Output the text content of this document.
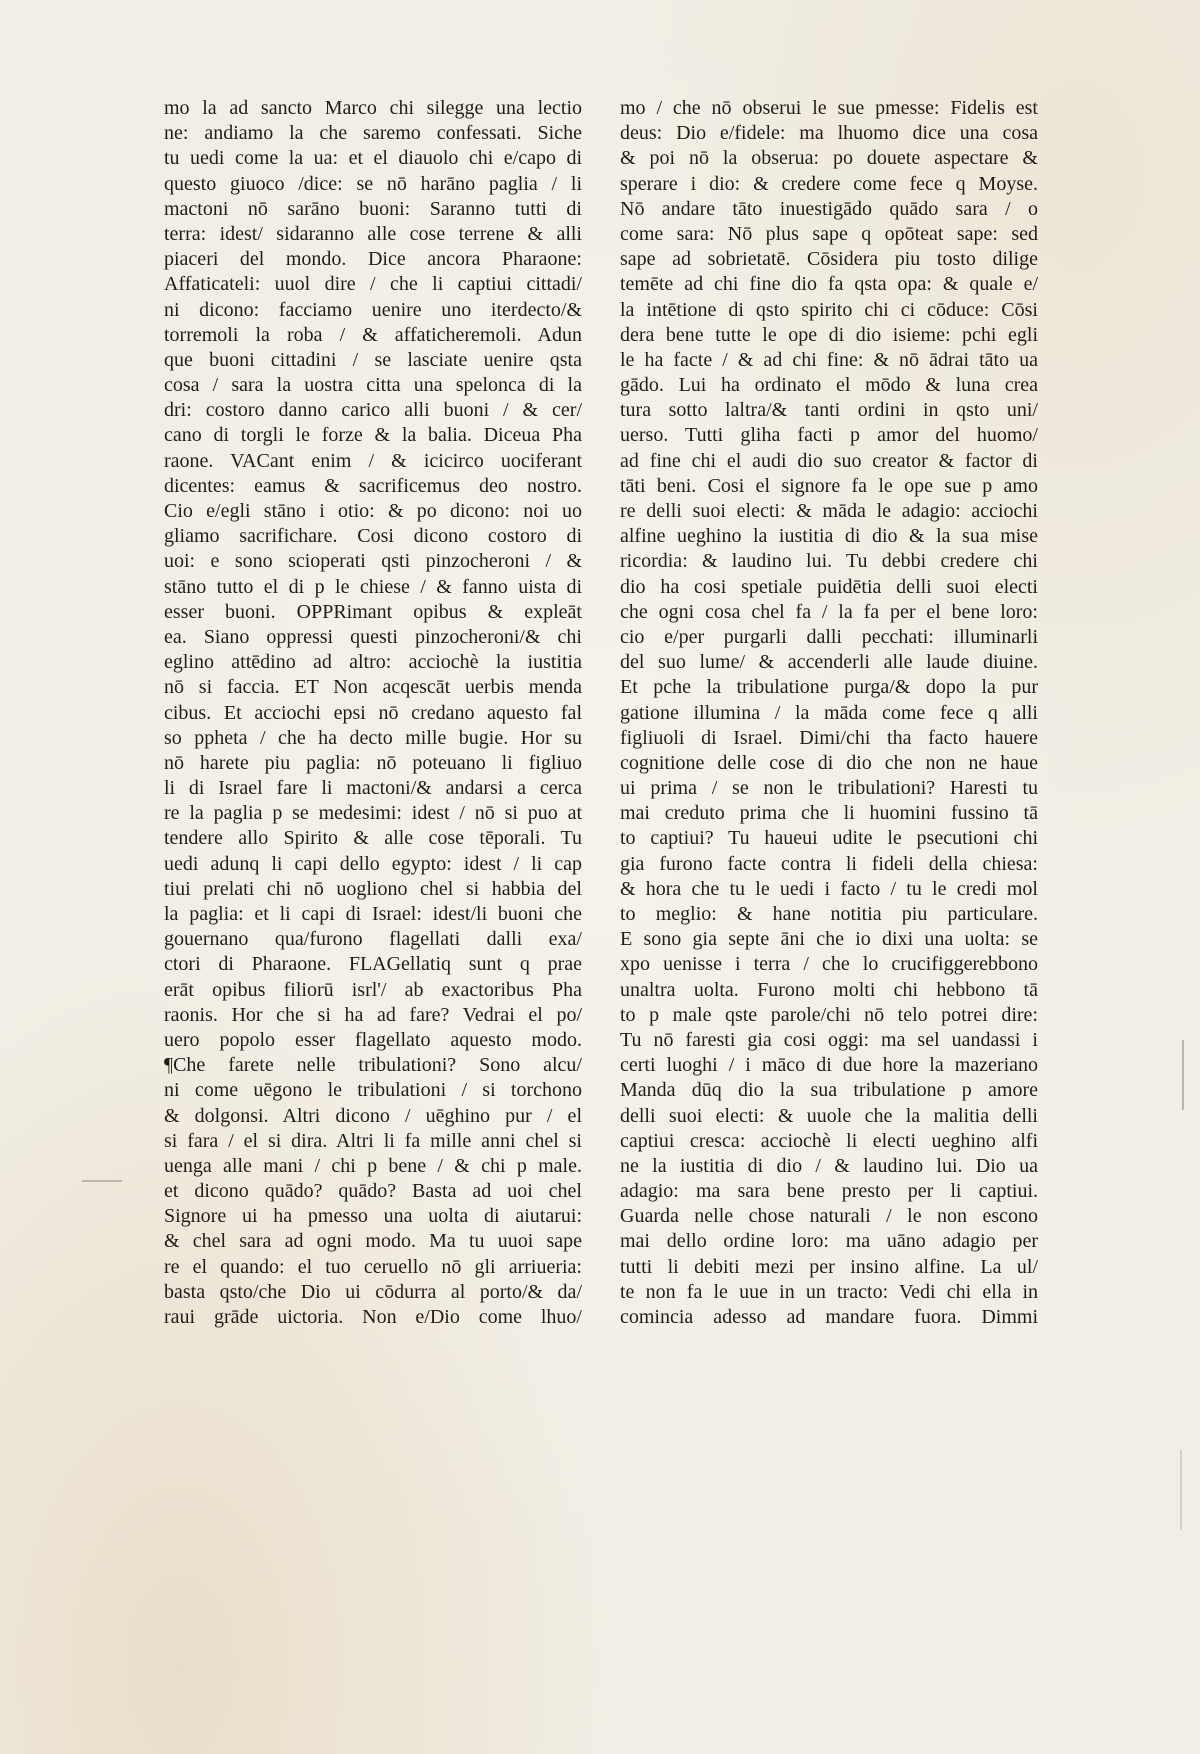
mo la ad sancto Marco chi silegge una lectio
ne: andiamo la che saremo confessati. Siche
tu uedi come la ua: et el diauolo chi e/capo di
questo giuoco /dice: se nō harāno paglia / li
mactoni nō sarāno buoni: Saranno tutti di
terra: idest/ sidaranno alle cose terrene & alli
piaceri del mondo. Dice ancora Pharaone:
Affaticateli: uuol dire / che li captiui cittadi/
ni dicono: facciamo uenire uno iterdecto/&
torremoli la roba / & affaticheremoli. Adun
que buoni cittadini / se lasciate uenire qsta
cosa / sara la uostra citta una spelonca di la
dri: costoro danno carico alli buoni / & cer/
cano di torgli le forze & la balia. Diceua Pha
raone. VACant enim / & icicirco uociferant
dicentes: eamus & sacrificemus deo nostro.
Cio e/egli stāno i otio: & po dicono: noi uo
gliamo sacrifichare. Cosi dicono costoro di
uoi: e sono scioperati qsti pinzocheroni / &
stāno tutto el di p le chiese / & fanno uista di
esser buoni. OPPRimant opibus & expleāt
ea. Siano oppressi questi pinzocheroni/& chi
eglino attēdino ad altro: acciochè la iustitia
nō si faccia. ET Non acqescāt uerbis menda
cibus. Et acciochi epsi nō credano aquesto fal
so ppheta / che ha decto mille bugie. Hor su
nō harete piu paglia: nō poteuano li figliuo
li di Israel fare li mactoni/& andarsi a cerca
re la paglia p se medesimi: idest / nō si puo at
tendere allo Spirito & alle cose tēporali. Tu
uedi adunq li capi dello egypto: idest / li cap
tiui prelati chi nō uogliono chel si habbia del
la paglia: et li capi di Israel: idest/li buoni che
gouernano qua/furono flagellati dalli exa/
ctori di Pharaone. FLAGellatiq sunt q prae
erāt opibus filiorū isrl'/ ab exactoribus Pha
raonis. Hor che si ha ad fare? Vedrai el po/
uero popolo esser flagellato aquesto modo.
¶Che farete nelle tribulationi? Sono alcu/
ni come uēgono le tribulationi / si torchono
& dolgonsi. Altri dicono / uēghino pur / el
si fara / el si dira. Altri li fa mille anni chel si
uenga alle mani / chi p bene / & chi p male.
et dicono quādo? quādo? Basta ad uoi chel
Signore ui ha pmesso una uolta di aiutarui:
& chel sara ad ogni modo. Ma tu uuoi sape
re el quando: el tuo ceruello nō gli arriueria:
basta qsto/che Dio ui cōdurra al porto/& da/
raui grāde uictoria. Non e/Dio come lhuo/
mo / che nō obserui le sue pmesse: Fidelis est
deus: Dio e/fidele: ma lhuomo dice una cosa
& poi nō la obserua: po douete aspectare &
sperare i dio: & credere come fece q Moyse.
Nō andare tāto inuestigādo quādo sara / o
come sara: Nō plus sape q opōteat sape: sed
sape ad sobrietatē. Cōsidera piu tosto dilige
temēte ad chi fine dio fa qsta opa: & quale e/
la intētione di qsto spirito chi ci cōduce: Cōsi
dera bene tutte le ope di dio isieme: pchi egli
le ha facte / & ad chi fine: & nō ādrai tāto ua
gādo. Lui ha ordinato el mōdo & luna crea
tura sotto laltra/& tanti ordini in qsto uni/
uerso. Tutti gliha facti p amor del huomo/
ad fine chi el audi dio suo creator & factor di
tāti beni. Cosi el signore fa le ope sue p amo
re delli suoi electi: & māda le adagio: acciochi
alfine ueghino la iustitia di dio & la sua mise
ricordia: & laudino lui. Tu debbi credere chi
dio ha cosi spetiale puidētia delli suoi electi
che ogni cosa chel fa / la fa per el bene loro:
cio e/per purgarli dalli pecchati: illuminarli
del suo lume/ & accenderli alle laude diuine.
Et pche la tribulatione purga/& dopo la pur
gatione illumina / la māda come fece q alli
figliuoli di Israel. Dimi/chi tha facto hauere
cognitione delle cose di dio che non ne haue
ui prima / se non le tribulationi? Haresti tu
mai creduto prima che li huomini fussino tā
to captiui? Tu haueui udite le psecutioni chi
gia furono facte contra li fideli della chiesa:
& hora che tu le uedi i facto / tu le credi mol
to meglio: & hane notitia piu particulare.
E sono gia septe āni che io dixi una uolta: se
xpo uenisse i terra / che lo crucifiggerebbono
unaltra uolta. Furono molti chi hebbono tā
to p male qste parole/chi nō telo potrei dire:
Tu nō faresti gia cosi oggi: ma sel uandassi i
certi luoghi / i māco di due hore la mazeriano
Manda dūq dio la sua tribulatione p amore
delli suoi electi: & uuole che la malitia delli
captiui cresca: acciochè li electi ueghino alfi
ne la iustitia di dio / & laudino lui. Dio ua
adagio: ma sara bene presto per li captiui.
Guarda nelle chose naturali / le non escono
mai dello ordine loro: ma uāno adagio per
tutti li debiti mezi per insino alfine. La ul/
te non fa le uue in un tracto: Vedi chi ella in
comincia adesso ad mandare fuora. Dimmi
